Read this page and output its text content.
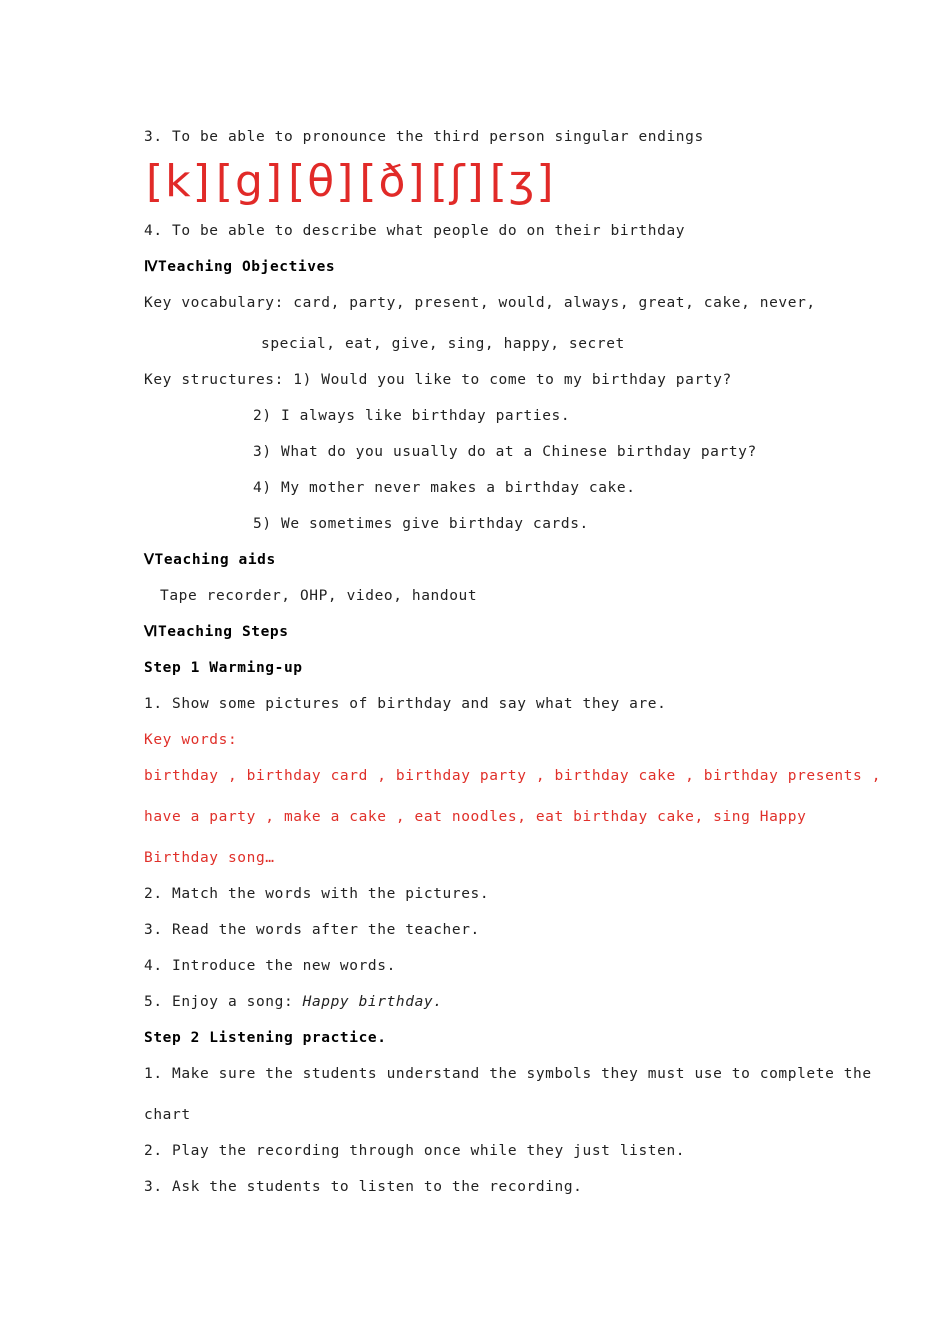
3. To be able to pronounce the third person singular endings
[k] [g] [θ] [ð] [ʃ] [ʒ]
4. To be able to describe what people do on their birthday
ⅣTeaching Objectives
Key vocabulary: card, party, present, would, always, great, cake, never,
special, eat, give, sing, happy, secret
Key structures: 1) Would you like to come to my birthday party?
2) I always like birthday parties.
3) What do you usually do at a Chinese birthday party?
4) My mother never makes a birthday cake.
5) We sometimes give birthday cards.
ⅤTeaching aids
Tape recorder, OHP, video, handout
ⅥTeaching Steps
Step 1 Warming-up
1. Show some pictures of birthday and say what they are.
Key words:
birthday , birthday card , birthday party , birthday cake , birthday presents ,
have a party , make a cake , eat noodles, eat birthday cake, sing Happy
Birthday song…
2. Match the words with the pictures.
3. Read the words after the teacher.
4. Introduce the new words.
5. Enjoy a song: Happy birthday.
Step 2 Listening practice.
1. Make sure the students understand the symbols they must use to complete the
chart
2. Play the recording through once while they just listen.
3. Ask the students to listen to the recording.
